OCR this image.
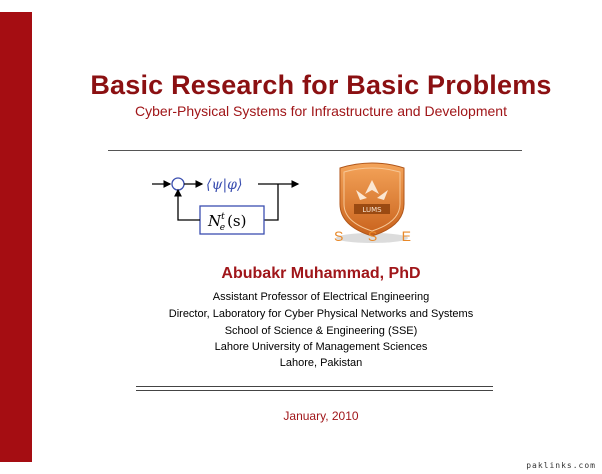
Basic Research for Basic Problems
Cyber-Physical Systems for Infrastructure and Development
⟨ψ|φ⟩
$N^t$ e (s)
LUMS
S S E
Abubakr Muhammad, PhD
Assistant Professor of Electrical Engineering
Director, Laboratory for Cyber Physical Networks and Systems
School of Science & Engineering (SSE)
Lahore University of Management Sciences
Lahore, Pakistan
January, 2010
paklinks.com
